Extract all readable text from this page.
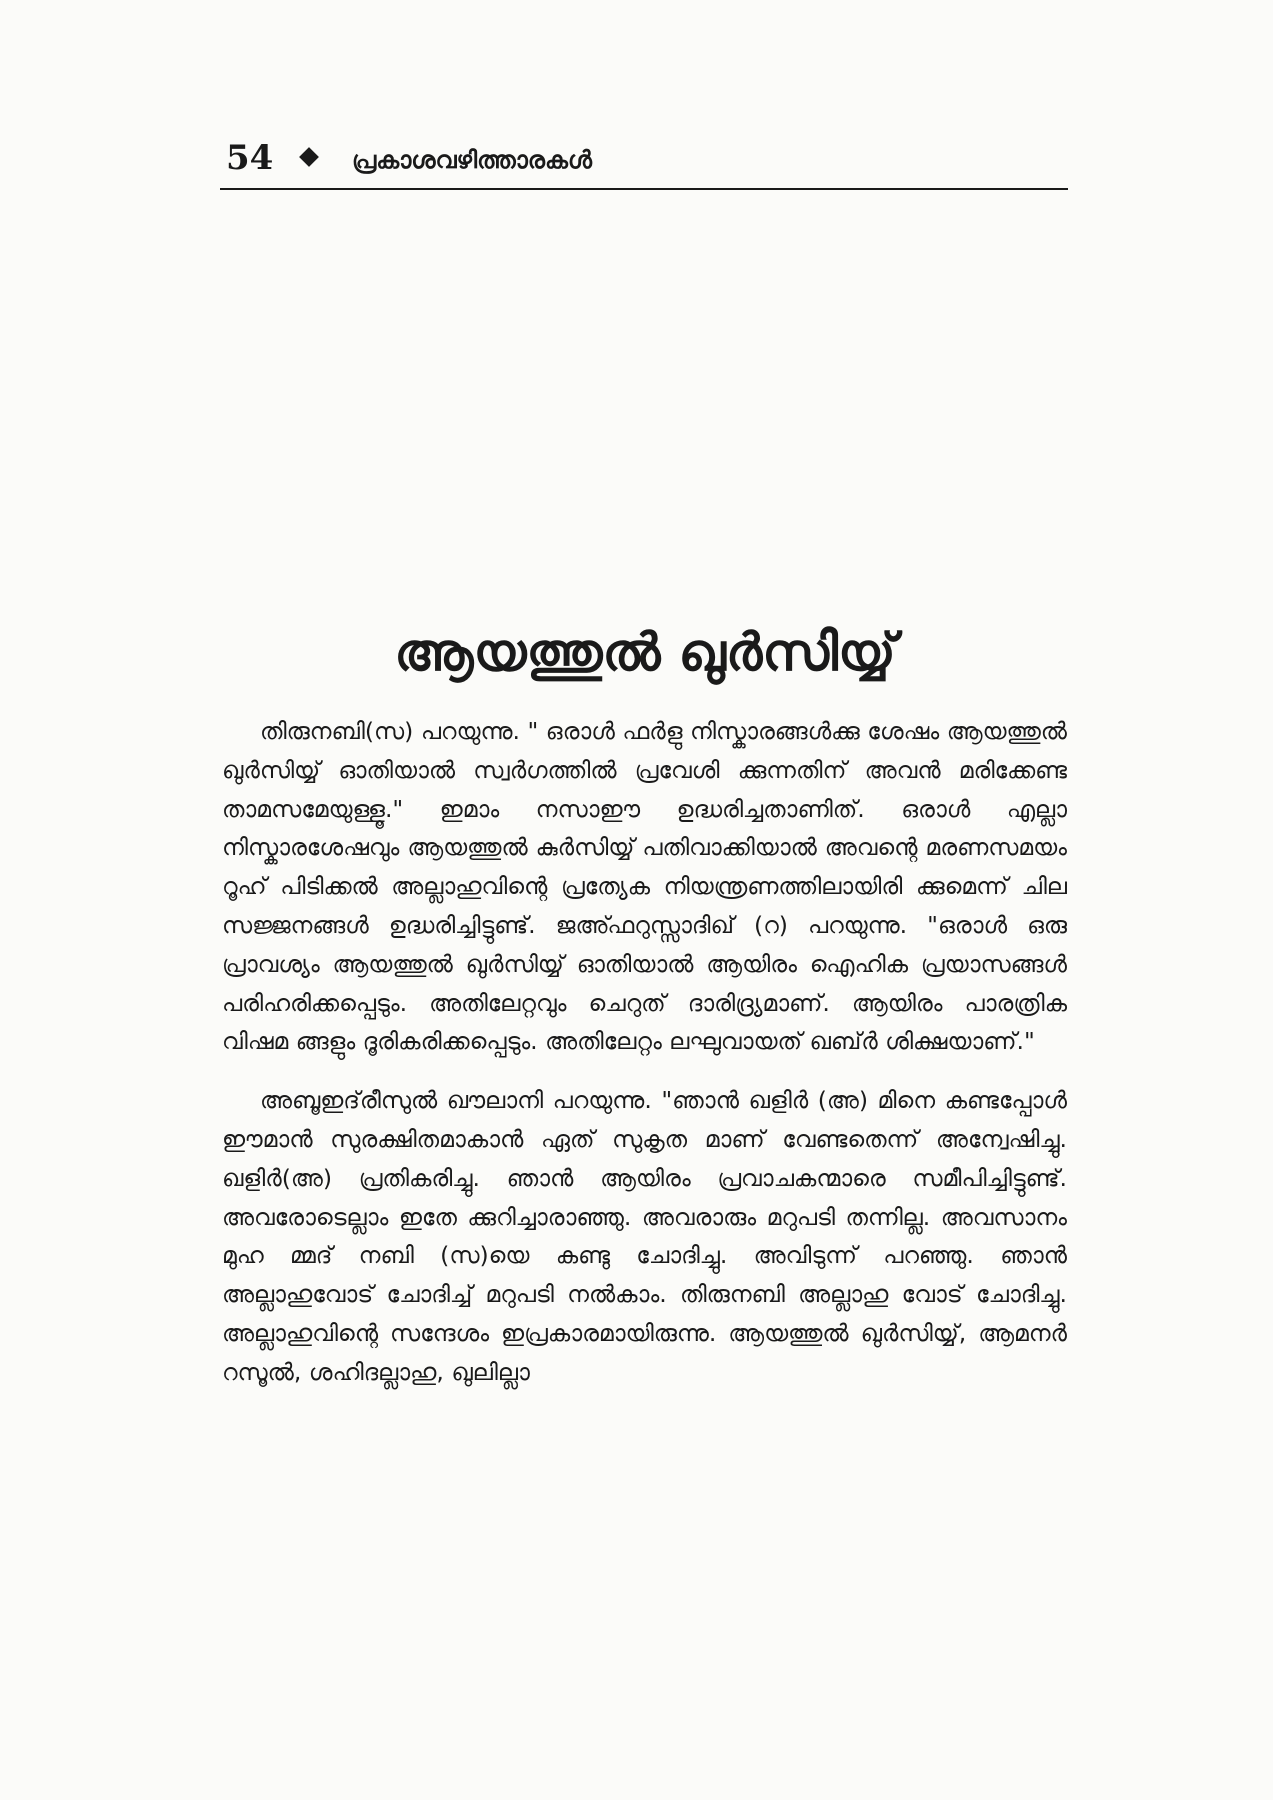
54	പ്രകാശവഴിത്താരകൾ
ആയത്തുൽ ഖുർസിയ്യ്

തിരുനബി(സ) പറയുന്നു. " ഒരാൾ ഫർളു നിസ്കാരങ്ങൾക്കു ശേഷം ആയത്തുൽ ഖുർസിയ്യ് ഓതിയാൽ സ്വർഗത്തിൽ പ്രവേശി ക്കുന്നതിന് അവൻ മരിക്കേണ്ട താമസമേയുള്ളൂ." ഇമാം നസാഈ ഉദ്ധരിച്ചതാണിത്. ഒരാൾ എല്ലാ നിസ്കാരശേഷവും ആയത്തുൽ കുർസിയ്യ് പതിവാക്കിയാൽ അവന്റെ മരണസമയം റൂഹ് പിടിക്കൽ അല്ലാഹുവിന്റെ പ്രത്യേക നിയന്ത്രണത്തിലായിരി ക്കുമെന്ന് ചില സജ്ജനങ്ങൾ ഉദ്ധരിച്ചിട്ടുണ്ട്. ജഅ്ഫറുസ്സാദിഖ് (റ) പറയുന്നു. "ഒരാൾ ഒരു പ്രാവശ്യം ആയത്തുൽ ഖുർസിയ്യ് ഓതിയാൽ ആയിരം ഐഹിക പ്രയാസങ്ങൾ പരിഹരിക്കപ്പെടും. അതിലേറ്റവും ചെറുത് ദാരിദ്ര്യമാണ്. ആയിരം പാരത്രിക വിഷമ ങ്ങളും ദൂരികരിക്കപ്പെടും. അതിലേറ്റം ലഘുവായത് ഖബ്ർ ശിക്ഷയാണ്."

അബൂഇദ്‌രീസുൽ ഖൗലാനി പറയുന്നു. "ഞാൻ ഖളിർ (അ) മിനെ കണ്ടപ്പോൾ ഈമാൻ സുരക്ഷിതമാകാൻ ഏത് സുകൃത മാണ് വേണ്ടതെന്ന് അന്വേഷിച്ചു. ഖളിർ(അ) പ്രതികരിച്ചു. ഞാൻ ആയിരം പ്രവാചകന്മാരെ സമീപിച്ചിട്ടുണ്ട്. അവരോടെല്ലാം ഇതേ ക്കുറിച്ചാരാഞ്ഞു. അവരാരും മറുപടി തന്നില്ല. അവസാനം മുഹ മ്മദ് നബി (സ)യെ കണ്ടു ചോദിച്ചു. അവിടുന്ന് പറഞ്ഞു. ഞാൻ അല്ലാഹുവോട് ചോദിച്ച് മറുപടി നൽകാം. തിരുനബി അല്ലാഹു വോട് ചോദിച്ചു. അല്ലാഹുവിന്റെ സന്ദേശം ഇപ്രകാരമായിരുന്നു. ആയത്തുൽ ഖുർസിയ്യ്, ആമനർ റസൂൽ, ശഹിദല്ലാഹു, ഖുലില്ലാ
